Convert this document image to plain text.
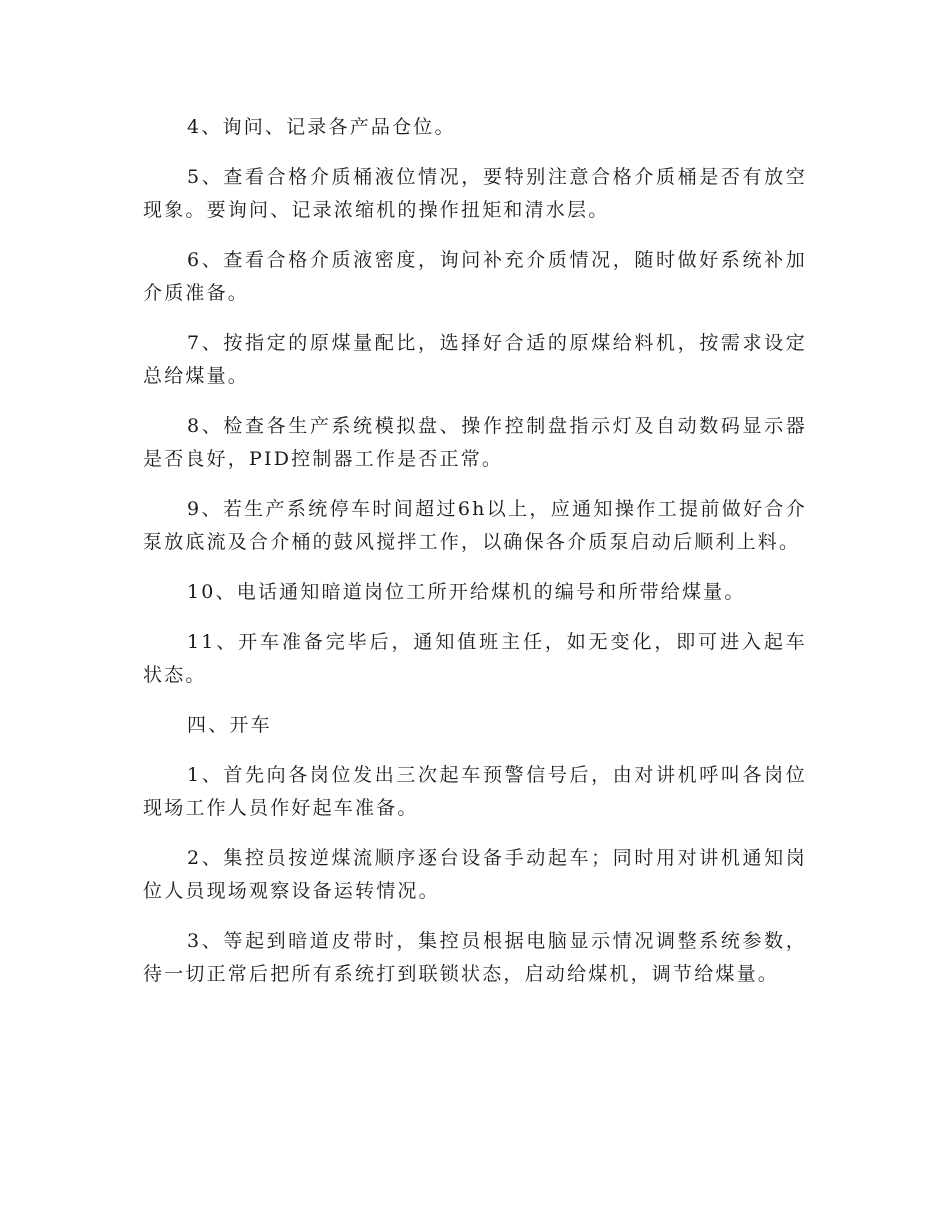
4、询问、记录各产品仓位。

5、查看合格介质桶液位情况，要特别注意合格介质桶是否有放空现象。要询问、记录浓缩机的操作扭矩和清水层。

6、查看合格介质液密度，询问补充介质情况，随时做好系统补加介质准备。

7、按指定的原煤量配比，选择好合适的原煤给料机，按需求设定总给煤量。

8、检查各生产系统模拟盘、操作控制盘指示灯及自动数码显示器是否良好，PID控制器工作是否正常。

9、若生产系统停车时间超过6h以上，应通知操作工提前做好合介泵放底流及合介桶的鼓风搅拌工作，以确保各介质泵启动后顺利上料。

10、电话通知暗道岗位工所开给煤机的编号和所带给煤量。

11、开车准备完毕后，通知值班主任，如无变化，即可进入起车状态。

四、开车

1、首先向各岗位发出三次起车预警信号后，由对讲机呼叫各岗位现场工作人员作好起车准备。

2、集控员按逆煤流顺序逐台设备手动起车；同时用对讲机通知岗位人员现场观察设备运转情况。

3、等起到暗道皮带时，集控员根据电脑显示情况调整系统参数，待一切正常后把所有系统打到联锁状态，启动给煤机，调节给煤量。
